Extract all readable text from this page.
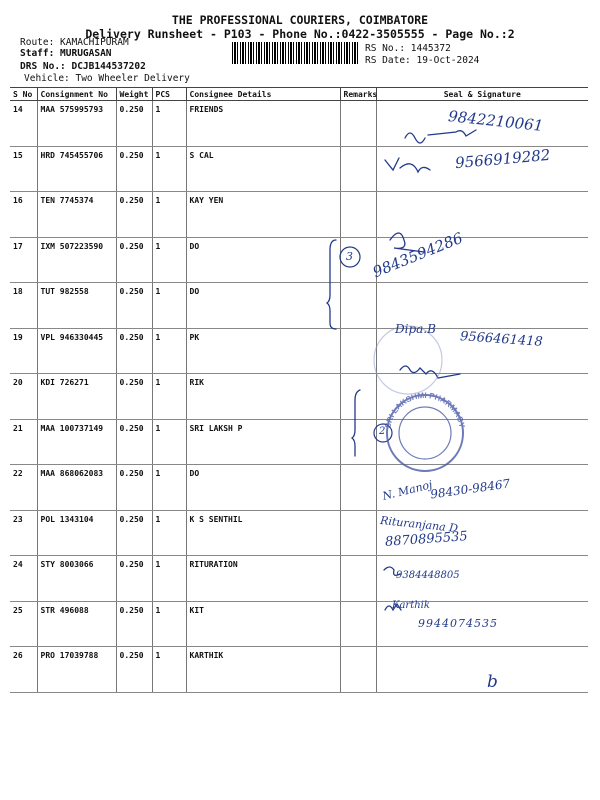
THE PROFESSIONAL COURIERS, COIMBATORE
Delivery Runsheet - P103 - Phone No.:0422-3505555 - Page No.:2
Route: KAMACHIPURAM
Staff: MURUGASAN
DRS No.: DCJB144537202
Vehicle: Two Wheeler Delivery
RS No.: 1445372
RS Date: 19-Oct-2024
S No	Consignment No	Weight	PCS	Consignee Details	Remarks	Seal & Signature
14	MAA 575995793	0.250	1	FRIENDS		
15	HRD 745455706	0.250	1	S CAL		
16	TEN 7745374	0.250	1	KAY YEN		
17	IXM 507223590	0.250	1	DO		
18	TUT 982558	0.250	1	DO		
19	VPL 946330445	0.250	1	PK		
20	KDI 726271	0.250	1	RIK		
21	MAA 100737149	0.250	1	SRI LAKSH P		
22	MAA 868062083	0.250	1	DO		
23	POL 1343104	0.250	1	K S SENTHIL		
24	STY 8003066	0.250	1	RITURATION		
25	STR 496088	0.250	1	KIT		
26	PRO 17039788	0.250	1	KARTHIK		
SRI LAKSHMI PHARMACY
9842210061
9566919282
9843594286
3
Dipa.B
9566461418
2
N. Manoj
98430-98467
Rituranjana D
8870895535
9384448805
Karthik
9944074535
b
